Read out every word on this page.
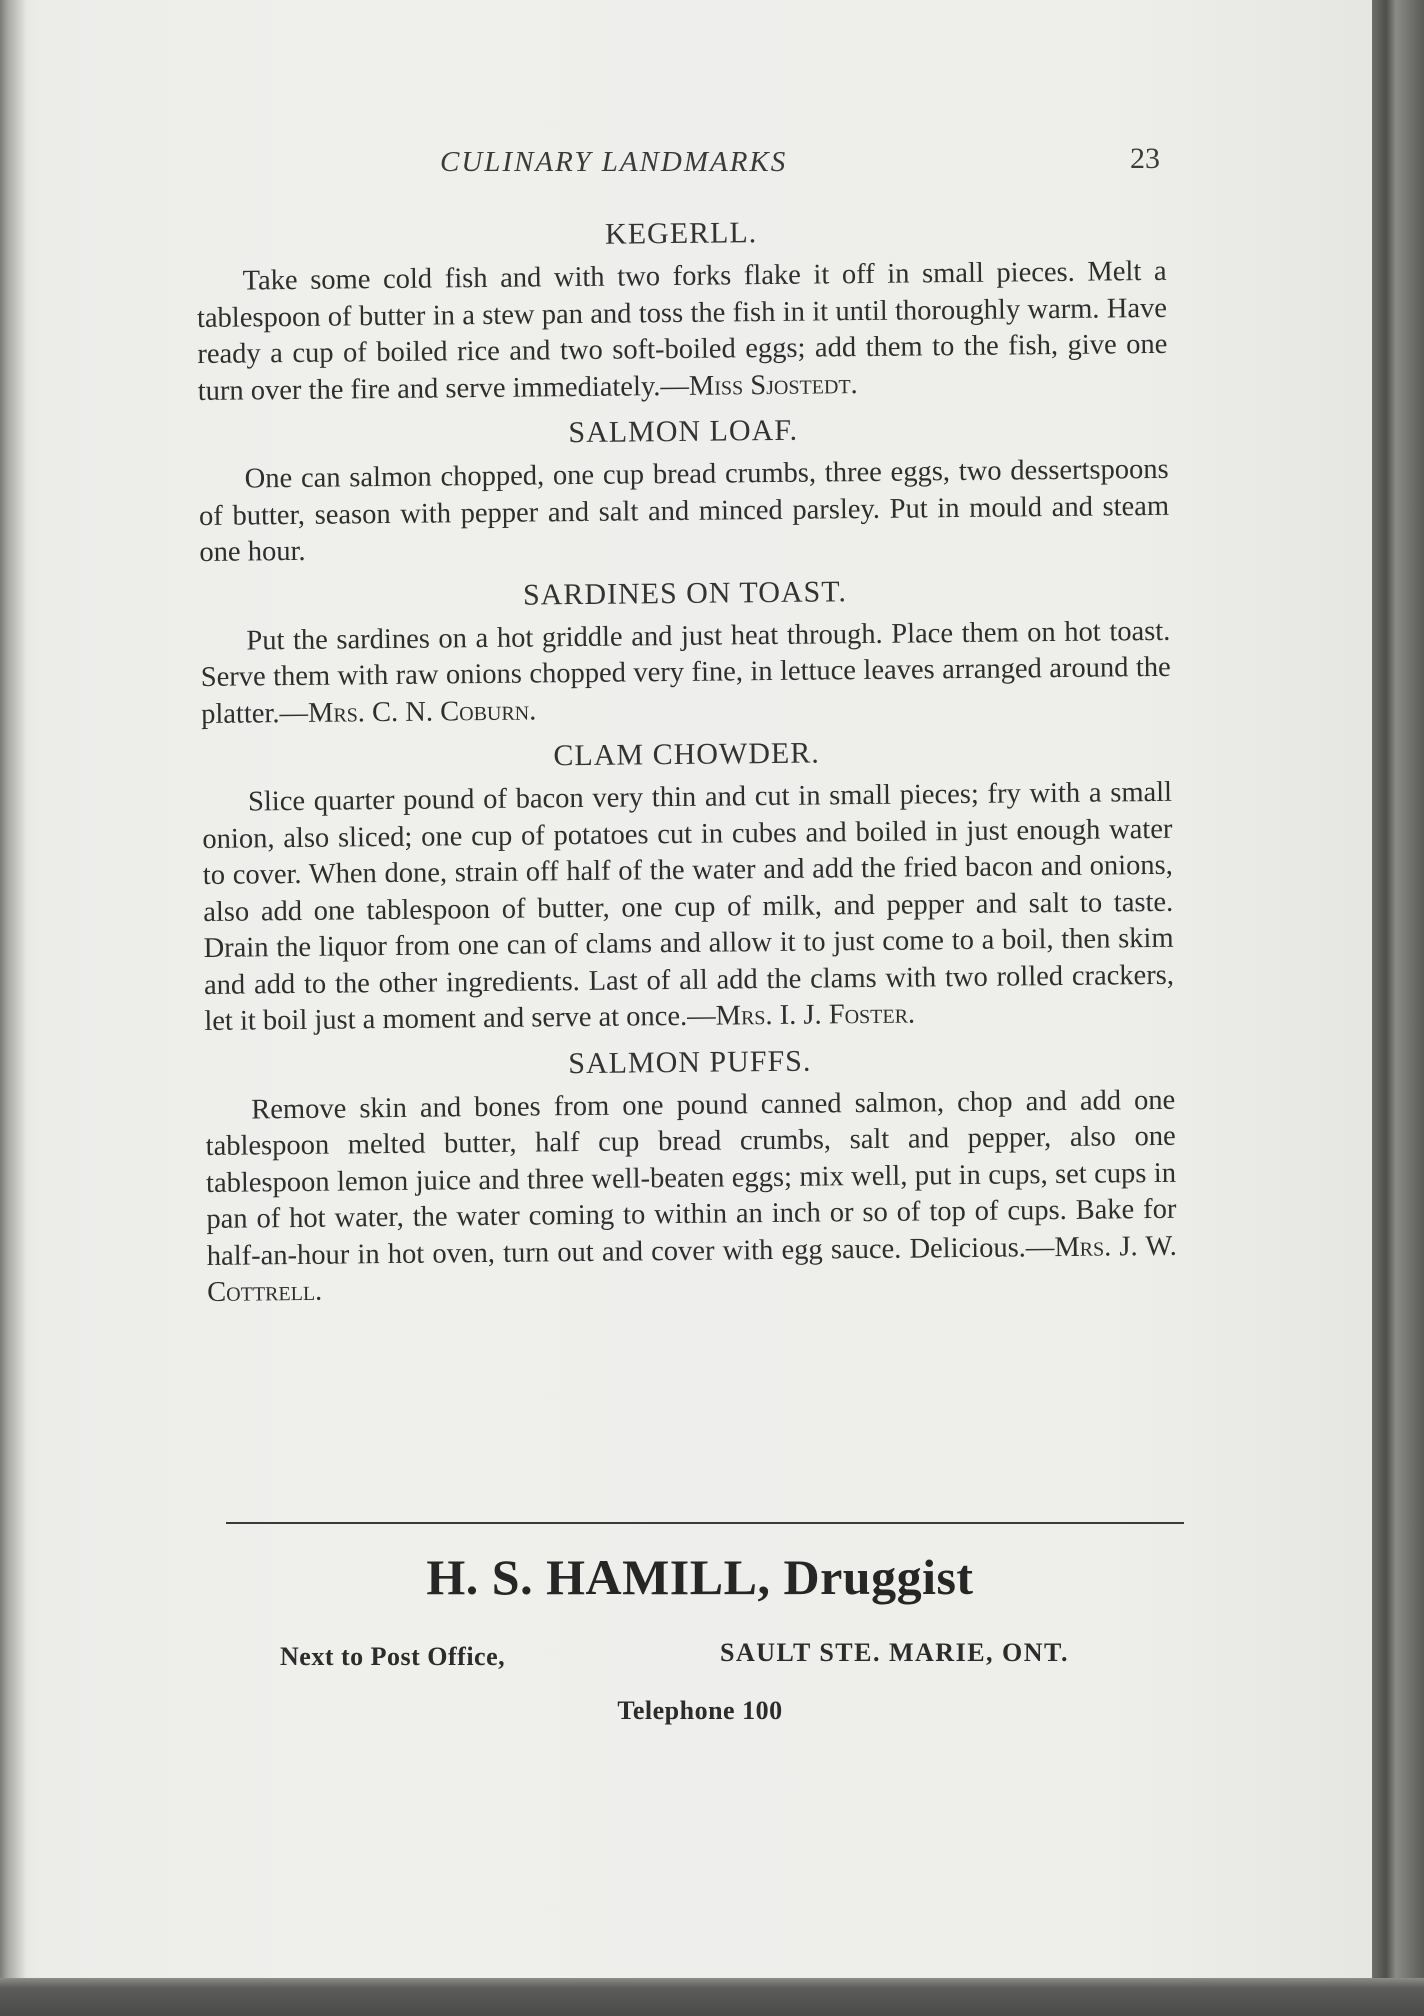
CULINARY LANDMARKS	23
KEGERLL.

Take some cold fish and with two forks flake it off in small pieces. Melt a tablespoon of butter in a stew pan and toss the fish in it until thoroughly warm. Have ready a cup of boiled rice and two soft-boiled eggs; add them to the fish, give one turn over the fire and serve immediately.—Miss Sjostedt.

SALMON LOAF.

One can salmon chopped, one cup bread crumbs, three eggs, two dessertspoons of butter, season with pepper and salt and minced parsley. Put in mould and steam one hour.

SARDINES ON TOAST.

Put the sardines on a hot griddle and just heat through. Place them on hot toast. Serve them with raw onions chopped very fine, in lettuce leaves arranged around the platter.—Mrs. C. N. Coburn.

CLAM CHOWDER.

Slice quarter pound of bacon very thin and cut in small pieces; fry with a small onion, also sliced; one cup of potatoes cut in cubes and boiled in just enough water to cover. When done, strain off half of the water and add the fried bacon and onions, also add one tablespoon of butter, one cup of milk, and pepper and salt to taste. Drain the liquor from one can of clams and allow it to just come to a boil, then skim and add to the other ingredients. Last of all add the clams with two rolled crackers, let it boil just a moment and serve at once.—Mrs. I. J. Foster.

SALMON PUFFS.

Remove skin and bones from one pound canned salmon, chop and add one tablespoon melted butter, half cup bread crumbs, salt and pepper, also one tablespoon lemon juice and three well-beaten eggs; mix well, put in cups, set cups in pan of hot water, the water coming to within an inch or so of top of cups. Bake for half-an-hour in hot oven, turn out and cover with egg sauce. Delicious.—Mrs. J. W. Cottrell.

H. S. HAMILL, Druggist
Next to Post Office,	SAULT STE. MARIE, ONT.
Telephone 100
